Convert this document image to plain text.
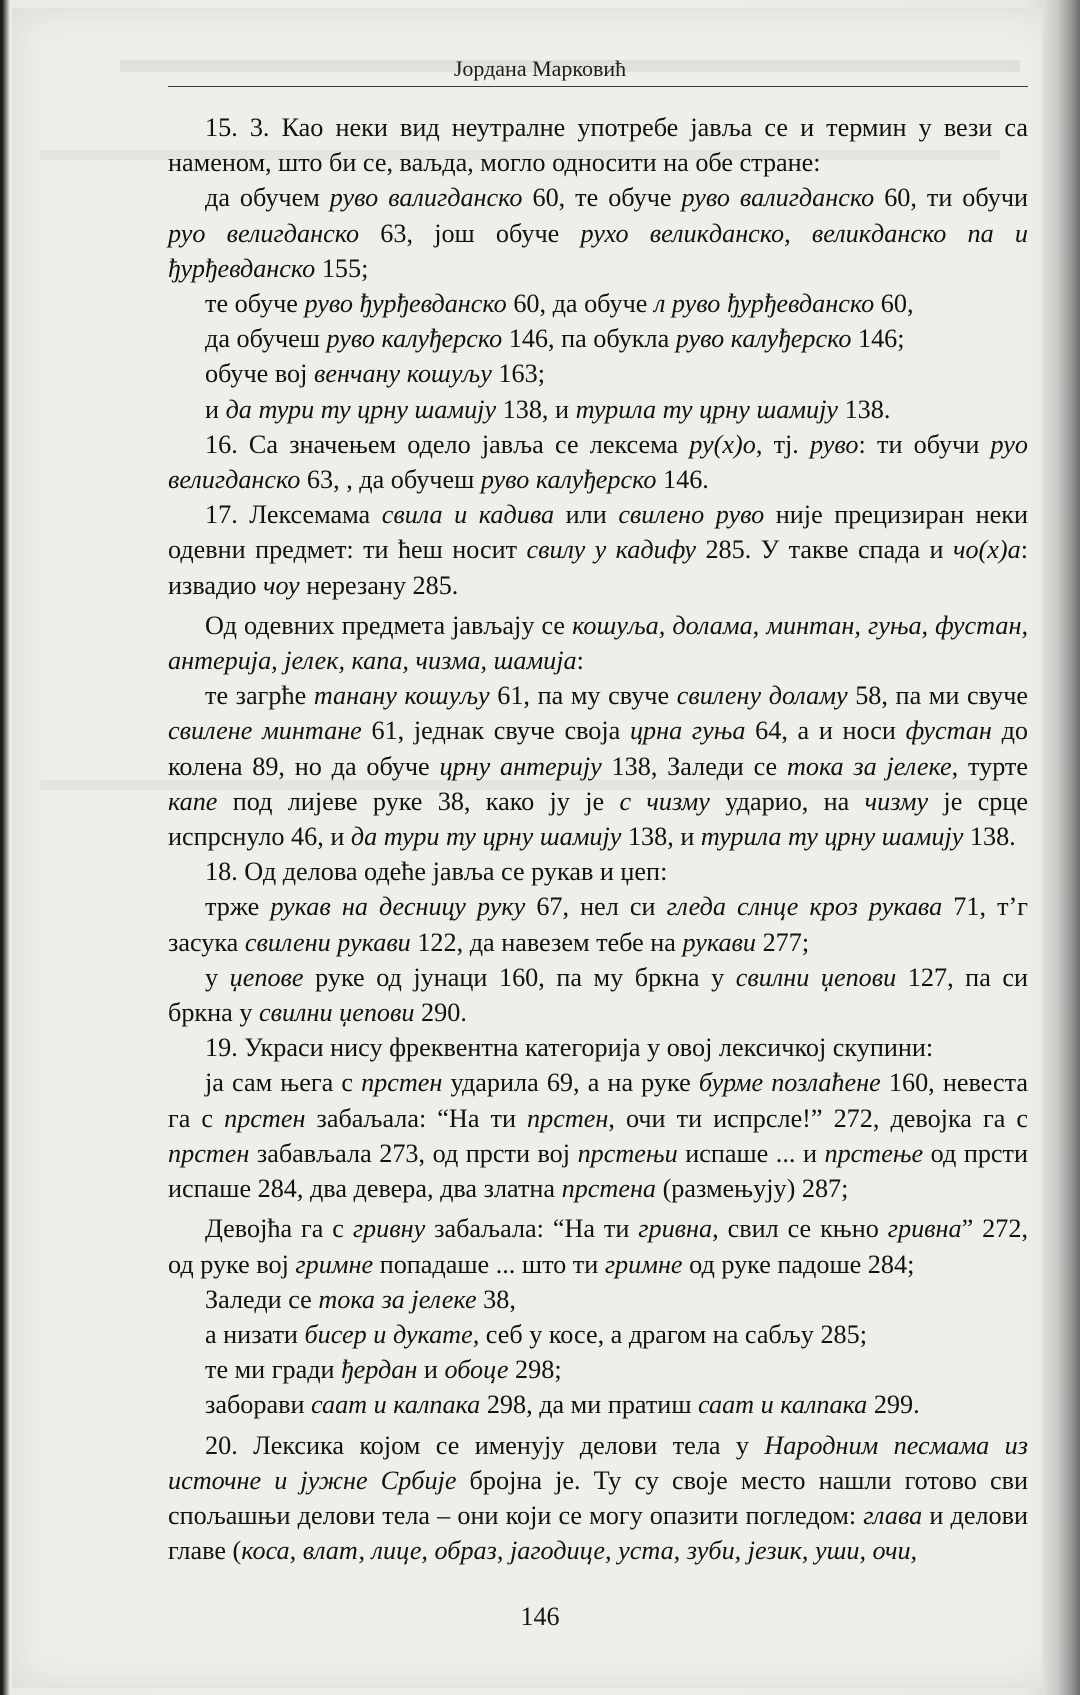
Јордана Марковић

15. 3. Као неки вид неутралне употребе јавља се и термин у вези са наменом, што би се, ваљда, могло односити на обе стране:

да обучем руво валигданско 60, те обуче руво валигданско 60, ти обучи руо велигданско 63, још обуче рухо великданско, великданско па и ђурђевданско 155;

те обуче руво ђурђевданско 60, да обуче л руво ђурђевданско 60,

да обучеш руво калуђерско 146, па обукла руво калуђерско 146;

обуче вој венчану кошуљу 163;

и да тури ту црну шамију 138, и турила ту црну шамију 138.

16. Са значењем одело јавља се лексема ру(х)о, тј. руво: ти обучи руо велигданско 63, , да обучеш руво калуђерско 146.

17. Лексемама свила и кадива или свилено руво није прецизиран неки одевни предмет: ти ћеш носит свилу у кадифу 285. У такве спада и чо(х)а: извадио чоу нерезану 285.

Од одевних предмета јављају се кошуља, долама, минтан, гуња, фустан, антерија, јелек, капа, чизма, шамија:

те загрће танану кошуљу 61, па му свуче свилену доламу 58, па ми свуче свилене минтане 61, једнак свуче своја црна гуња 64, а и носи фустан до колена 89, но да обуче црну антерију 138, Заледи се тока за јелеке, турте капе под лијеве руке 38, како ју је с чизму ударио, на чизму је срце испрснуло 46, и да тури ту црну шамију 138, и турила ту црну шамију 138.

18. Од делова одеће јавља се рукав и џеп:

трже рукав на десницу руку 67, нел си гледа слнце кроз рукава 71, т’г засука свилени рукави 122, да навезем тебе на рукави 277;

у џепове руке од јунаци 160, па му бркна у свилни џепови 127, па си бркна у свилни џепови 290.

19. Украси нису фреквентна категорија у овој лексичкој скупини:

ја сам њега с прстен ударила 69, а на руке бурме позлаћене 160, невеста га с прстен забаљала: “На ти прстен, очи ти испрсле!” 272, девојка га с прстен забављала 273, од прсти вој прстењи испаше ... и прстење од прсти испаше 284, два девера, два златна прстена (размењују) 287;

Девојћа га с гривну забаљала: “На ти гривна, свил се књно гривна” 272, од руке вој гримне попадаше ... што ти гримне од руке падоше 284;

Заледи се тока за јелеке 38,

а низати бисер и дукате, себ у косе, а драгом на сабљу 285;

те ми гради ђердан и обоце 298;

заборави саат и калпака 298, да ми пратиш саат и калпака 299.

20. Лексика којом се именују делови тела у Народним песмама из источне и јужне Србије бројна је. Ту су своје место нашли готово сви спољашњи делови тела – они који се могу опазити погледом: глава и делови главе (коса, влат, лице, образ, јагодице, уста, зуби, језик, уши, очи,

146
